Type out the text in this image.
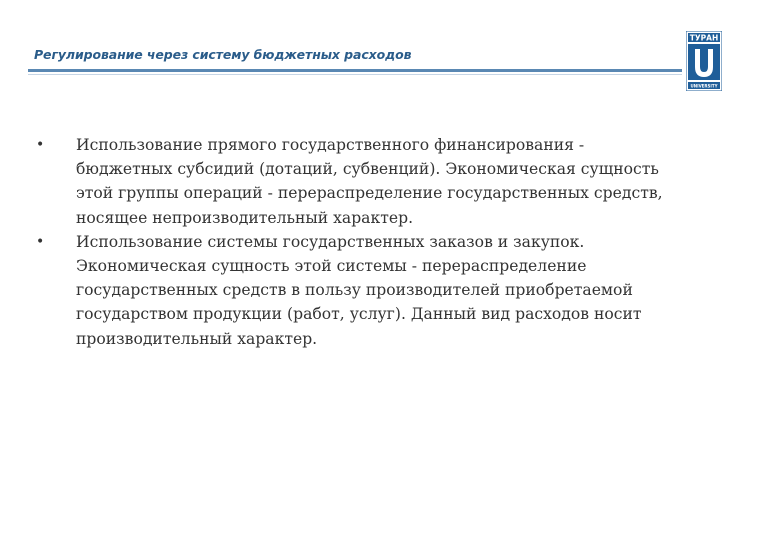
Регулирование через систему бюджетных расходов
ТУРАН
UNIVERSITY
• Использование прямого государственного финансирования -
бюджетных субсидий (дотаций, субвенций). Экономическая сущность
этой группы операций - перераспределение государственных средств,
носящее непроизводительный характер.
• Использование системы государственных заказов и закупок.
Экономическая сущность этой системы - перераспределение
государственных средств в пользу производителей приобретаемой
государством продукции (работ, услуг). Данный вид расходов носит
производительный характер.
